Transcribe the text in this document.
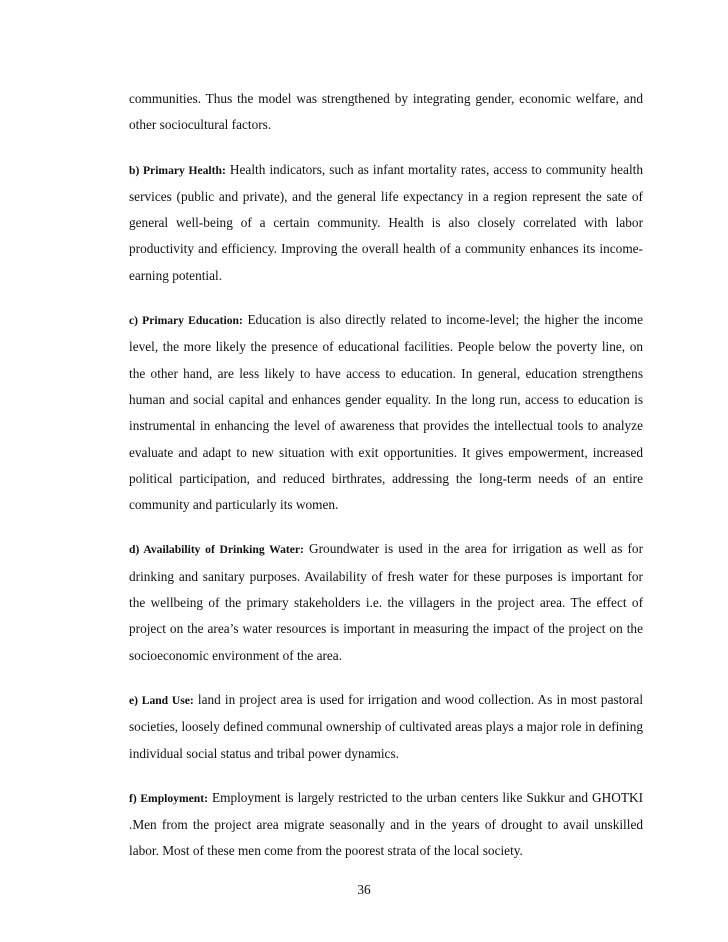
communities. Thus the model was strengthened by integrating gender, economic welfare, and other sociocultural factors.

b) Primary Health: Health indicators, such as infant mortality rates, access to community health services (public and private), and the general life expectancy in a region represent the sate of general well-being of a certain community. Health is also closely correlated with labor productivity and efficiency. Improving the overall health of a community enhances its income-earning potential.

c) Primary Education: Education is also directly related to income-level; the higher the income level, the more likely the presence of educational facilities. People below the poverty line, on the other hand, are less likely to have access to education. In general, education strengthens human and social capital and enhances gender equality. In the long run, access to education is instrumental in enhancing the level of awareness that provides the intellectual tools to analyze evaluate and adapt to new situation with exit opportunities. It gives empowerment, increased political participation, and reduced birthrates, addressing the long-term needs of an entire community and particularly its women.

d) Availability of Drinking Water: Groundwater is used in the area for irrigation as well as for drinking and sanitary purposes. Availability of fresh water for these purposes is important for the wellbeing of the primary stakeholders i.e. the villagers in the project area. The effect of project on the area’s water resources is important in measuring the impact of the project on the socioeconomic environment of the area.

e) Land Use: land in project area is used for irrigation and wood collection. As in most pastoral societies, loosely defined communal ownership of cultivated areas plays a major role in defining individual social status and tribal power dynamics.

f) Employment: Employment is largely restricted to the urban centers like Sukkur and GHOTKI .Men from the project area migrate seasonally and in the years of drought to avail unskilled labor. Most of these men come from the poorest strata of the local society.

36
